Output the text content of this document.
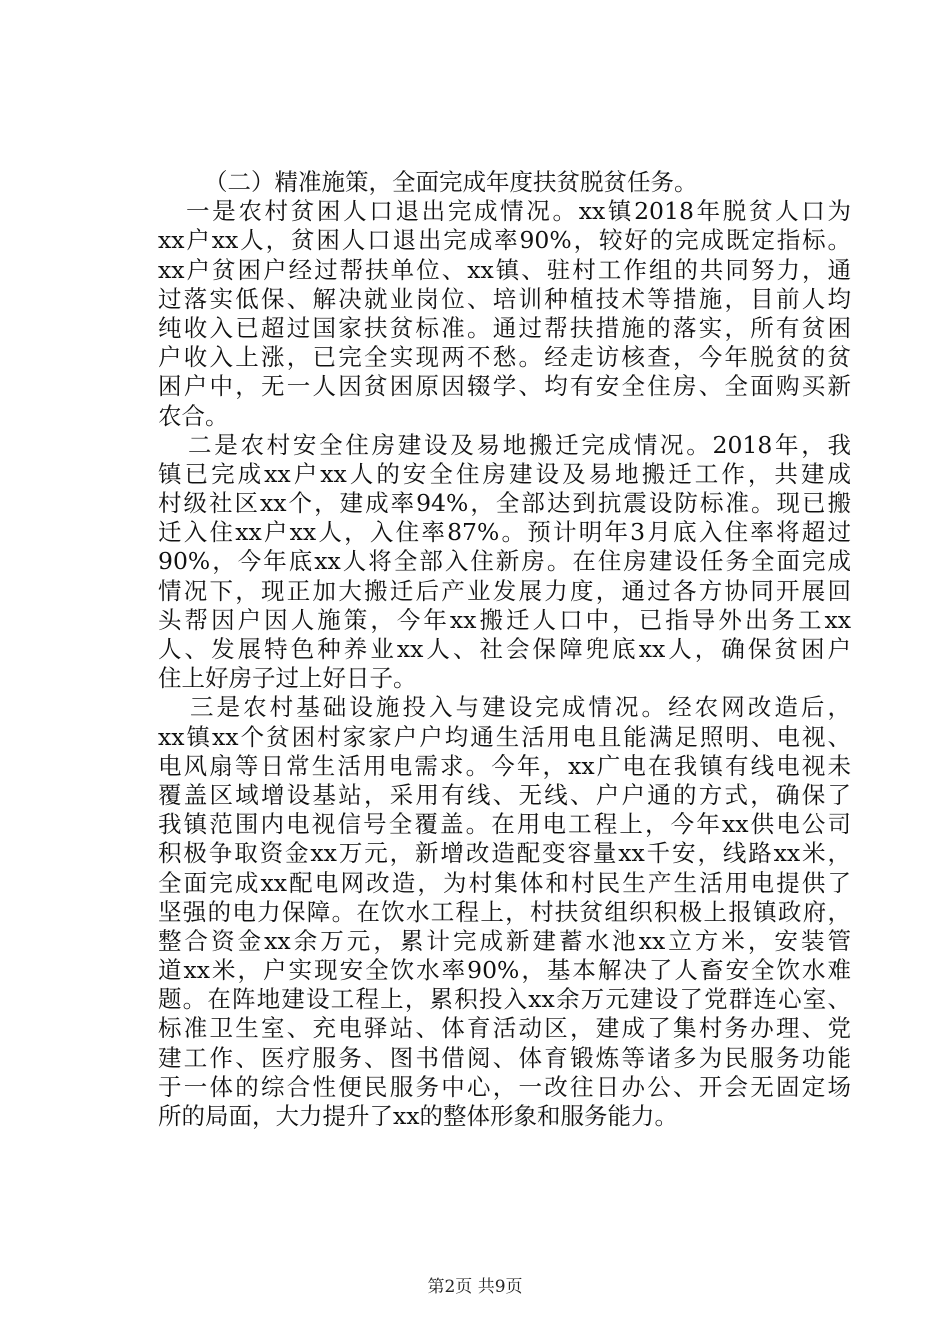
（二）精准施策，全面完成年度扶贫脱贫任务。
一是农村贫困人口退出完成情况。xx镇2018年脱贫人口为
xx户xx人，贫困人口退出完成率90%，较好的完成既定指标。
xx户贫困户经过帮扶单位、xx镇、驻村工作组的共同努力，通
过落实低保、解决就业岗位、培训种植技术等措施，目前人均
纯收入已超过国家扶贫标准。通过帮扶措施的落实，所有贫困
户收入上涨，已完全实现两不愁。经走访核查，今年脱贫的贫
困户中，无一人因贫困原因辍学、均有安全住房、全面购买新
农合。
二是农村安全住房建设及易地搬迁完成情况。2018年，我
镇已完成xx户xx人的安全住房建设及易地搬迁工作，共建成
村级社区xx个，建成率94%，全部达到抗震设防标准。现已搬
迁入住xx户xx人，入住率87%。预计明年3月底入住率将超过
90%，今年底xx人将全部入住新房。在住房建设任务全面完成
情况下，现正加大搬迁后产业发展力度，通过各方协同开展回
头帮因户因人施策，今年xx搬迁人口中，已指导外出务工xx
人、发展特色种养业xx人、社会保障兜底xx人，确保贫困户
住上好房子过上好日子。
三是农村基础设施投入与建设完成情况。经农网改造后，
xx镇xx个贫困村家家户户均通生活用电且能满足照明、电视、
电风扇等日常生活用电需求。今年，xx广电在我镇有线电视未
覆盖区域增设基站，采用有线、无线、户户通的方式，确保了
我镇范围内电视信号全覆盖。在用电工程上，今年xx供电公司
积极争取资金xx万元，新增改造配变容量xx千安，线路xx米，
全面完成xx配电网改造，为村集体和村民生产生活用电提供了
坚强的电力保障。在饮水工程上，村扶贫组织积极上报镇政府，
整合资金xx余万元，累计完成新建蓄水池xx立方米，安装管
道xx米，户实现安全饮水率90%，基本解决了人畜安全饮水难
题。在阵地建设工程上，累积投入xx余万元建设了党群连心室、
标准卫生室、充电驿站、体育活动区，建成了集村务办理、党
建工作、医疗服务、图书借阅、体育锻炼等诸多为民服务功能
于一体的综合性便民服务中心，一改往日办公、开会无固定场
所的局面，大力提升了xx的整体形象和服务能力。
第2页 共9页
